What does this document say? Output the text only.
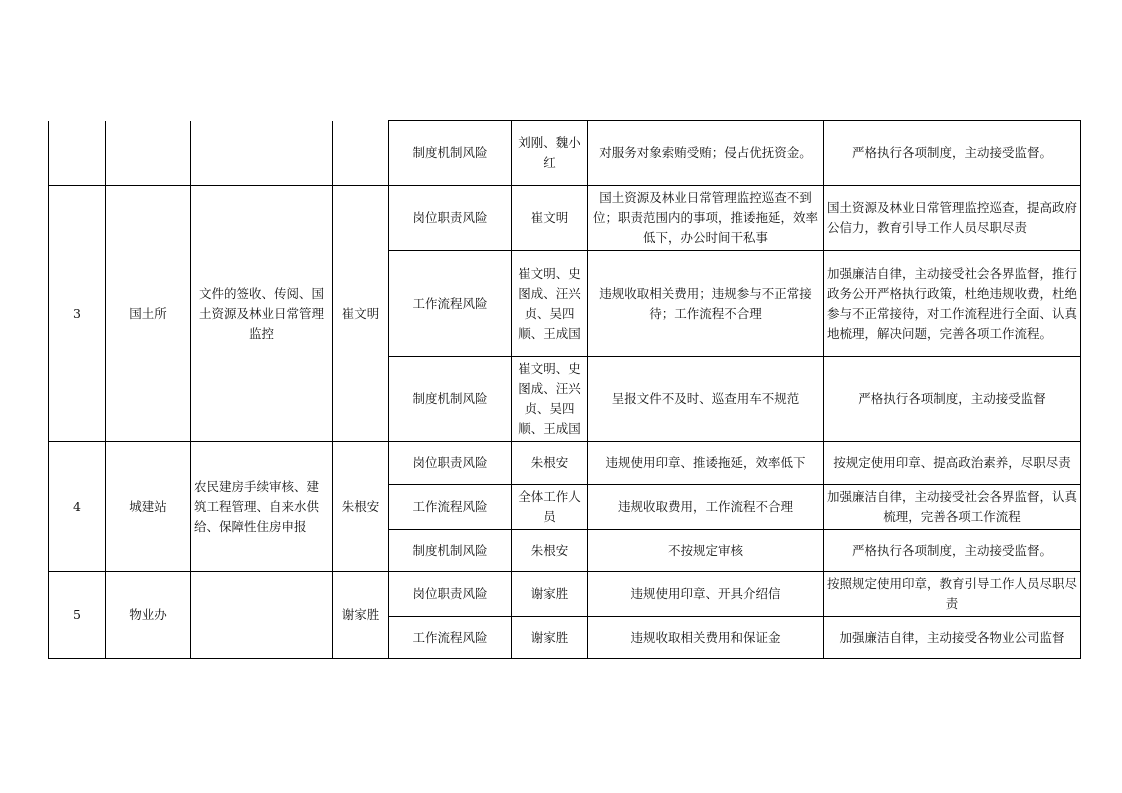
				制度机制风险	刘刚、魏小红	对服务对象索贿受贿；侵占优抚资金。	严格执行各项制度，主动接受监督。
3	国土所	文件的签收、传阅、国土资源及林业日常管理监控	崔文明	岗位职责风险	崔文明	国土资源及林业日常管理监控巡查不到位；职责范围内的事项，推诿拖延，效率低下，办公时间干私事	国土资源及林业日常管理监控巡查，提高政府公信力，教育引导工作人员尽职尽责
				工作流程风险	崔文明、史图成、汪兴贞、吴四顺、王成国	违规收取相关费用；违规参与不正常接待；工作流程不合理	加强廉洁自律，主动接受社会各界监督，推行政务公开严格执行政策，杜绝违规收费，杜绝参与不正常接待，对工作流程进行全面、认真地梳理，解决问题，完善各项工作流程。
				制度机制风险	崔文明、史图成、汪兴贞、吴四顺、王成国	呈报文件不及时、巡查用车不规范	严格执行各项制度，主动接受监督
4	城建站	农民建房手续审核、建筑工程管理、自来水供给、保障性住房申报	朱根安	岗位职责风险	朱根安	违规使用印章、推诿拖延，效率低下	按规定使用印章、提高政治素养，尽职尽责
				工作流程风险	全体工作人员	违规收取费用，工作流程不合理	加强廉洁自律，主动接受社会各界监督，认真梳理，完善各项工作流程
				制度机制风险	朱根安	不按规定审核	严格执行各项制度，主动接受监督。
5	物业办		谢家胜	岗位职责风险	谢家胜	违规使用印章、开具介绍信	按照规定使用印章，教育引导工作人员尽职尽责
				工作流程风险	谢家胜	违规收取相关费用和保证金	加强廉洁自律，主动接受各物业公司监督
